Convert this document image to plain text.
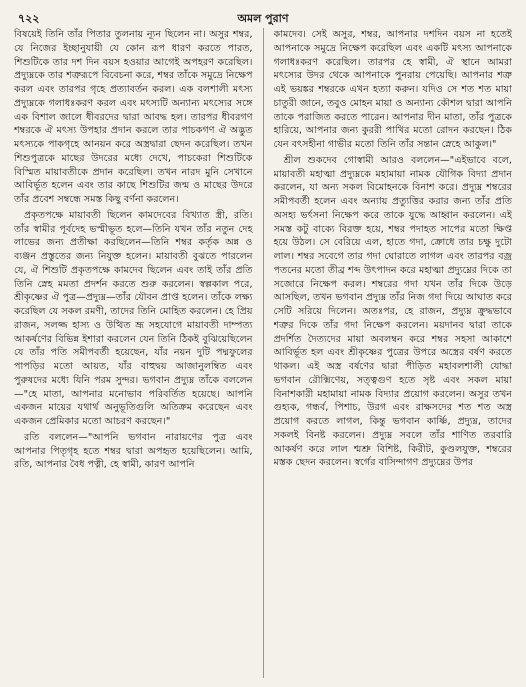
৭২২	অমল পুরাণ

বিষয়েই তিনি তাঁর পিতার তুলনায় ন্যূন ছিলেন না। অসুর শম্বর, যে নিজের ইচ্ছানুযায়ী যে কোন রূপ ধারণ করতে পারত, শিশুটিকে তার দশ দিন বয়স হওয়ার আগেই অপহরণ করেছিল। প্রদ্যুম্নকে তার শত্রুরূপে বিবেচনা করে, শম্বর তাঁকে সমুদ্রে নিক্ষেপ করল এবং তারপর গৃহে প্রত্যাবর্তন করল। এক বলশালী মৎস্য প্রদ্যুম্নকে গলাধঃকরণ করল এবং মৎস্যটি অন্যান্য মৎস্যের সঙ্গে এক বিশাল জালে ধীবরদের দ্বারা আবদ্ধ হল। তারপর ধীবরগণ শম্বরকে ঐ মৎস্য উপহার প্রদান করলে তার পাচকগণ ঐ অদ্ভুত মৎস্যকে পাকগৃহে আনয়ন করে অস্ত্রদ্বারা ছেদন করেছিল। তখন শিশুপুত্রকে মাছের উদরের মধ্যে দেখে, পাচকেরা শিশুটিকে বিস্মিত মায়াবতীকে প্রদান করেছিল। তখন নারদ মুনি সেখানে আবির্ভূত হলেন এবং তার কাছে শিশুটির জন্ম ও মাছের উদরে তাঁর প্রবেশ সম্বন্ধে সমস্ত কিছু বর্ণনা করলেন।

প্রকৃতপক্ষে মায়াবতী ছিলেন কামদেবের বিখ্যাত স্ত্রী, রতি। তাঁর স্বামীর পূর্বদেহ ভস্মীভূত হলে—তিনি যখন তাঁর নতুন দেহ লাভের জন্য প্রতীক্ষা করছিলেন—তিনি শম্বর কর্তৃক অন্ন ও ব্যঞ্জন প্রস্তুতের জন্য নিযুক্ত হলেন। মায়াবতী বুঝতে পারলেন যে, ঐ শিশুটি প্রকৃতপক্ষে কামদেব ছিলেন এবং তাই তাঁর প্রতি তিনি স্নেহ মমতা প্রদর্শন করতে শুরু করলেন। স্বল্পকাল পরে, শ্রীকৃষ্ণের ঐ পুত্র—প্রদ্যুম্ন—তাঁর যৌবন প্রাপ্ত হলেন। তাঁকে লক্ষ্য করেছিল যে সকল রমণী, তাদের তিনি মোহিত করলেন। হে প্রিয় রাজন, সলজ্জ হাস্য ও উত্থিত ভ্রূ সহযোগে মায়াবতী দাম্পত্য আকর্ষণের বিভিন্ন ইশারা করলেন যেন তিনি ঠিকই বুঝিয়েছিলেন যে তাঁর পতি সমীপবর্তী হয়েছেন, যাঁর নয়ন দুটি পদ্মফুলের পাপড়ির মতো আয়ত, যাঁর বাহুদ্বয় আজানুলম্বিত এবং পুরুষদের মধ্যে যিনি পরম সুন্দর। ভগবান প্রদ্যুম্ন তাঁকে বললেন—"হে মাতা, আপনার মনোভাব পরিবর্তিত হয়েছে। আপনি একজন মায়ের যথার্থ অনুভূতিগুলি অতিক্রম করেছেন এবং একজন প্রেমিকার মতো আচরণ করছেন।"

রতি বললেন—"আপনি ভগবান নারায়ণের পুত্র এবং আপনার পিতৃগৃহ হতে শম্বর দ্বারা অপহৃত হয়েছিলেন। আমি, রতি, আপনার বৈধ পত্নী, হে স্বামী, কারণ আপনি

কামদেব। সেই অসুর, শম্বর, আপনার দশদিন বয়স না হতেই আপনাকে সমুদ্রে নিক্ষেপ করেছিল এবং একটি মৎস্য আপনাকে গলাধঃকরণ করেছিল। তারপর হে স্বামী, ঐ স্থানে আমরা মৎস্যের উদর থেকে আপনাকে পুনরায় পেয়েছি। আপনার শত্রু এই ভয়ঙ্কর শম্বরকে এখন হত্যা করুন। যদিও সে শত শত মায়া চাতুরী জানে, তবুও মোহন মায়া ও অন্যান্য কৌশল দ্বারা আপনি তাকে পরাজিত করতে পারেন। আপনার দীন মাতা, তাঁর পুত্রকে হারিয়ে, আপনার জন্য কুররী পাখির মতো রোদন করছেন। ঠিক যেন বৎসহীনা গাভীর মতো তিনি তাঁর সন্তান স্নেহে আকুল।"

শ্রীল শুকদেব গোস্বামী আরও বললেন—"এইভাবে বলে, মায়াবতী মহাত্মা প্রদ্যুম্নকে মহামায়া নামক যৌগিক বিদ্যা প্রদান করলেন, যা অন্য সকল বিমোহনকে বিনাশ করে। প্রদ্যুম্ন শম্বরের সমীপবর্তী হলেন এবং অন্যায় প্রত্যুত্তির করার জন্য তাঁর প্রতি অসহ্য ভর্ৎসনা নিক্ষেপ করে তাকে যুদ্ধে আহ্বান করলেন। এই সমস্ত কটু বাক্যে বিরক্ত হয়ে, শম্বর পদাহত সাপের মতো ক্ষিপ্ত হয়ে উঠল। সে বেরিয়ে এল, হাতে গদা, ক্রোধে তার চক্ষু দুটো লাল। শম্বর সবেগে তার গদা ঘোরাতে লাগল এবং তারপর বজ্র পতনের মতো তীব্র শব্দ উৎপাদন করে মহাত্মা প্রদ্যুম্নের দিকে তা সজোরে নিক্ষেপ করল। শম্বরের গদা যখন তাঁর দিকে উড়ে আসছিল, তখন ভগবান প্রদ্যুম্ন তাঁর নিজ গদা দিয়ে আঘাত করে সেটি সরিয়ে দিলেন। অতঃপর, হে রাজন, প্রদ্যুম্ন ক্রুদ্ধভাবে শত্রুর দিকে তাঁর গদা নিক্ষেপ করলেন। ময়দানব দ্বারা তাকে প্রদর্শিত দৈত্যদের মায়া অবলম্বন করে শম্বর সহসা আকাশে আবির্ভূত হল এবং শ্রীকৃষ্ণের পুত্রের উপরে অস্ত্রের বর্ষণ করতে থাকল। এই অস্ত্র বর্ষণের দ্বারা পীড়িত মহাবলশালী যোদ্ধা ভগবান রৌক্মিণেয়, সত্ত্বগুণ হতে সৃষ্ট এবং সকল মায়া বিনাশকারী মহামায়া নামক বিদ্যার প্রয়োগ করলেন। অসুর তখন গুহ্যক, গন্ধর্ব, পিশাচ, উরগ এবং রাক্ষসদের শত শত অস্ত্র প্রয়োগ করতে লাগল, কিন্তু ভগবান কার্ষ্ণি, প্রদ্যুম্ন, তাদের সকলই বিনষ্ট করলেন। প্রদ্যুম্ন সবলে তাঁর শাণিত তরবারি আকর্ষণ করে লাল শ্মশ্রু বিশিষ্ট, কিরীট, কুণ্ডলযুক্ত, শম্বরের মস্তক ছেদন করলেন। স্বর্গের বাসিন্দাগণ প্রদ্যুম্নের উপর
